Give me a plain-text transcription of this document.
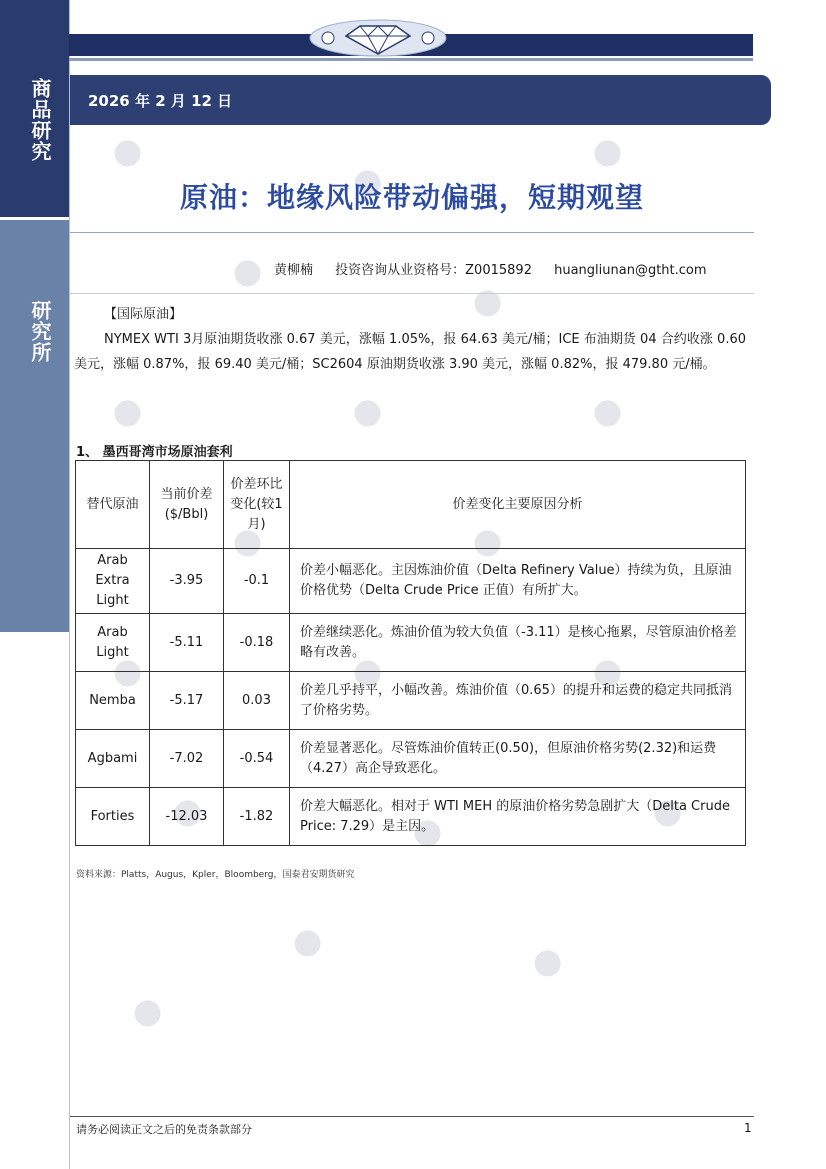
商品研究
研究所
2026 年 2 月 12 日
原油：地缘风险带动偏强，短期观望
黄柳楠 投资咨询从业资格号：Z0015892 huangliunan@gtht.com
【国际原油】
NYMEX WTI 3月原油期货收涨 0.67 美元，涨幅 1.05%，报 64.63 美元/桶；ICE 布油期货 04 合约收涨 0.60 美元，涨幅 0.87%，报 69.40 美元/桶；SC2604 原油期货收涨 3.90 美元，涨幅 0.82%，报 479.80 元/桶。
1、 墨西哥湾市场原油套利
替代原油	当前价差($/Bbl)	价差环比变化(较1月)	价差变化主要原因分析
Arab Extra Light	-3.95	-0.1	价差小幅恶化。主因炼油价值（Delta Refinery Value）持续为负，且原油价格优势（Delta Crude Price 正值）有所扩大。
Arab Light	-5.11	-0.18	价差继续恶化。炼油价值为较大负值（-3.11）是核心拖累，尽管原油价格差略有改善。
Nemba	-5.17	0.03	价差几乎持平，小幅改善。炼油价值（0.65）的提升和运费的稳定共同抵消了价格劣势。
Agbami	-7.02	-0.54	价差显著恶化。尽管炼油价值转正(0.50)，但原油价格劣势(2.32)和运费（4.27）高企导致恶化。
Forties	-12.03	-1.82	价差大幅恶化。相对于 WTI MEH 的原油价格劣势急剧扩大（Delta Crude Price: 7.29）是主因。
资料来源：Platts，Augus，Kpler，Bloomberg，国泰君安期货研究
请务必阅读正文之后的免责条款部分	1
